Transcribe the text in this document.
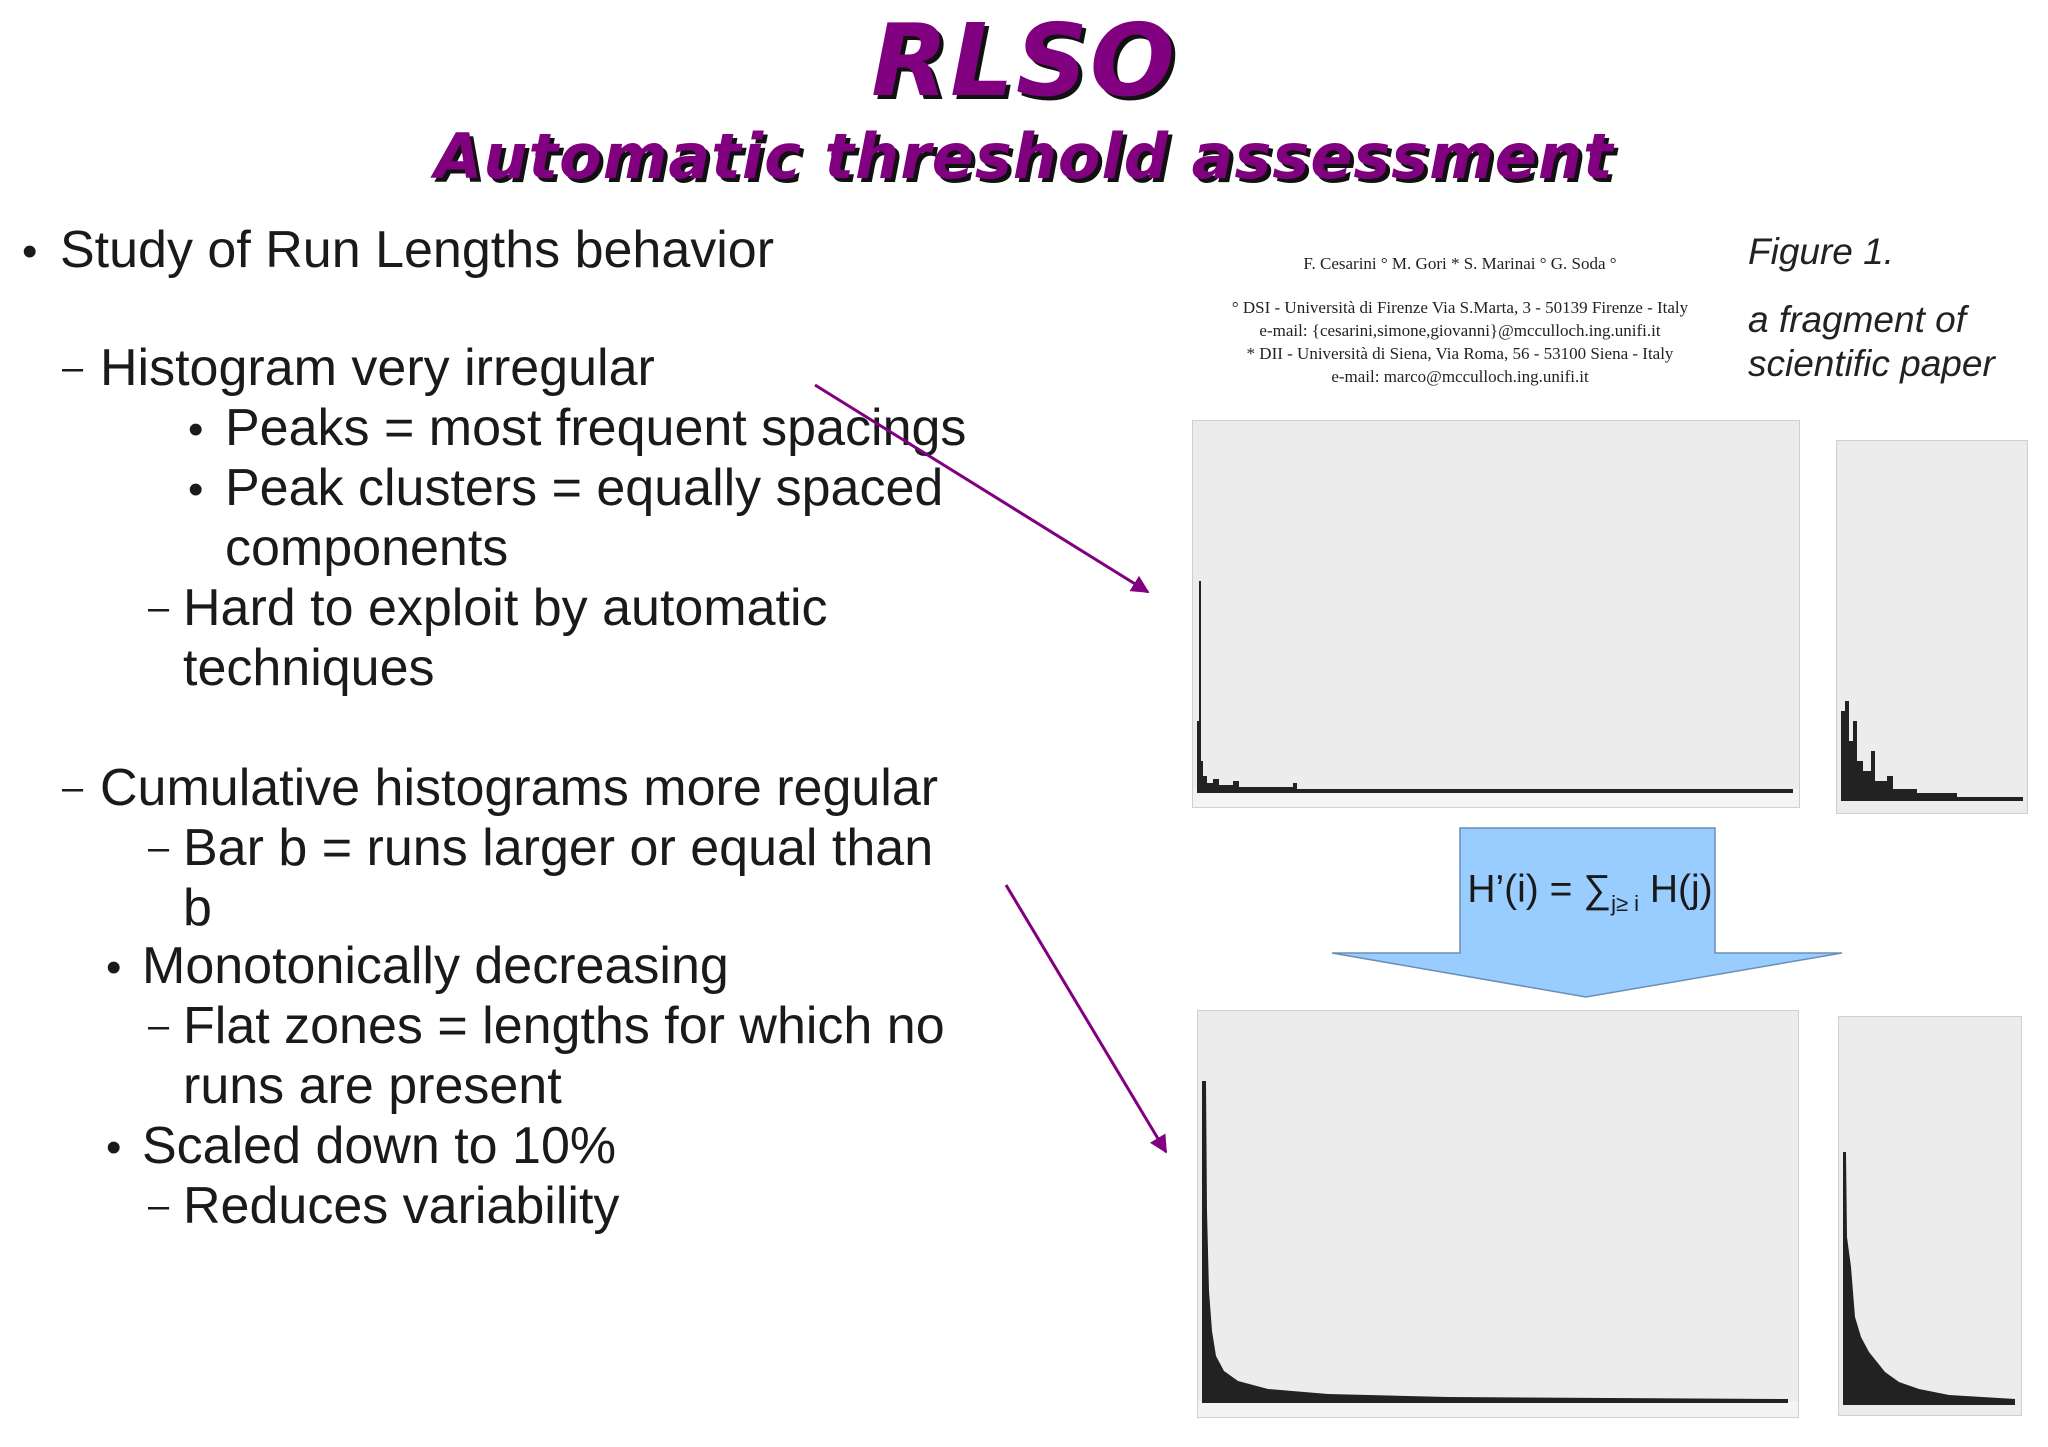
RLSO
Automatic threshold assessment
• Study of Run Lengths behavior
– Histogram very irregular
• Peaks = most frequent spacings
• Peak clusters = equally spaced
components
– Hard to exploit by automatic
techniques
– Cumulative histograms more regular
– Bar b = runs larger or equal than
b
• Monotonically decreasing
– Flat zones = lengths for which no
runs are present
• Scaled down to 10%
– Reduces variability
F. Cesarini ° M. Gori * S. Marinai ° G. Soda °
° DSI - Università di Firenze Via S.Marta, 3 - 50139 Firenze - Italy
e-mail: {cesarini,simone,giovanni}@mcculloch.ing.unifi.it
* DII - Università di Siena, Via Roma, 56 - 53100 Siena - Italy
e-mail: marco@mcculloch.ing.unifi.it
Figure 1.
a fragment of
scientific paper
H’(i) = $\sum_{j\ge i}$ H(j)
